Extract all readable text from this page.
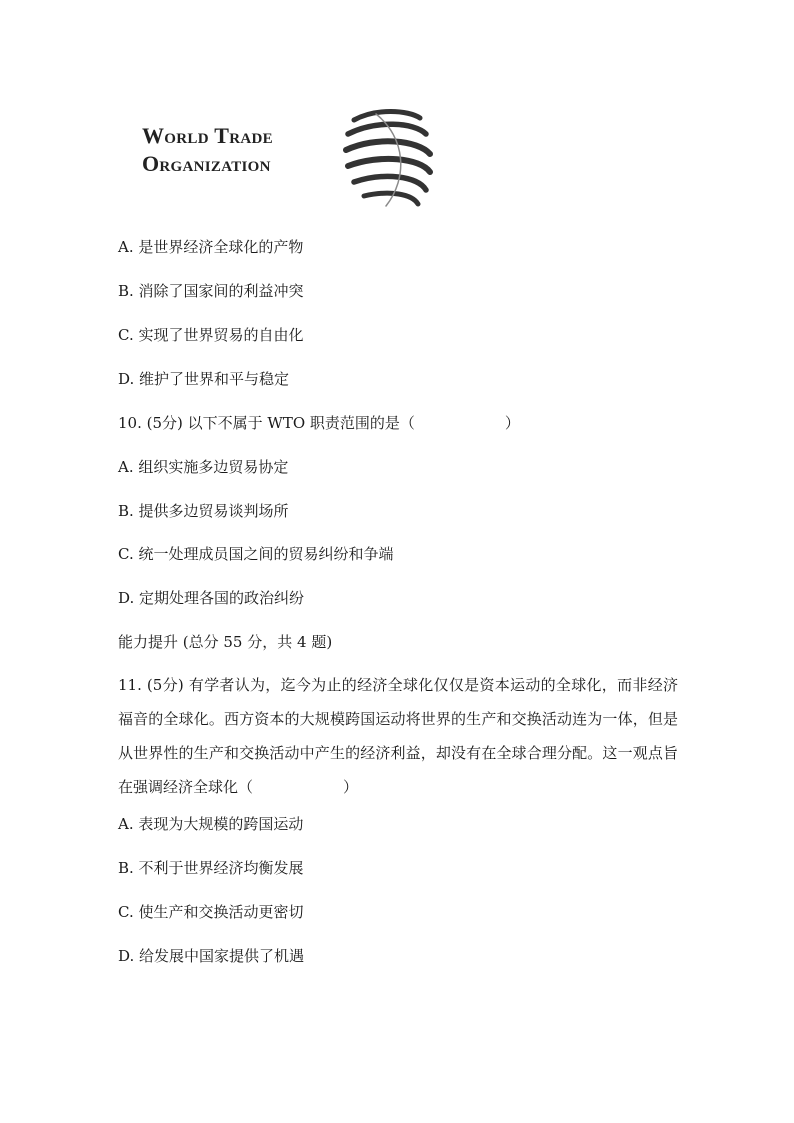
World Trade
Organization
A. 是世界经济全球化的产物
B. 消除了国家间的利益冲突
C. 实现了世界贸易的自由化
D. 维护了世界和平与稳定
10. (5分) 以下不属于 WTO 职责范围的是（　　　　　　）
A. 组织实施多边贸易协定
B. 提供多边贸易谈判场所
C. 统一处理成员国之间的贸易纠纷和争端
D. 定期处理各国的政治纠纷
能力提升 (总分 55 分，共 4 题)
11. (5分) 有学者认为，迄今为止的经济全球化仅仅是资本运动的全球化，而非经济福音的全球化。西方资本的大规模跨国运动将世界的生产和交换活动连为一体，但是从世界性的生产和交换活动中产生的经济利益，却没有在全球合理分配。这一观点旨在强调经济全球化（　　　　　　）
A. 表现为大规模的跨国运动
B. 不利于世界经济均衡发展
C. 使生产和交换活动更密切
D. 给发展中国家提供了机遇
